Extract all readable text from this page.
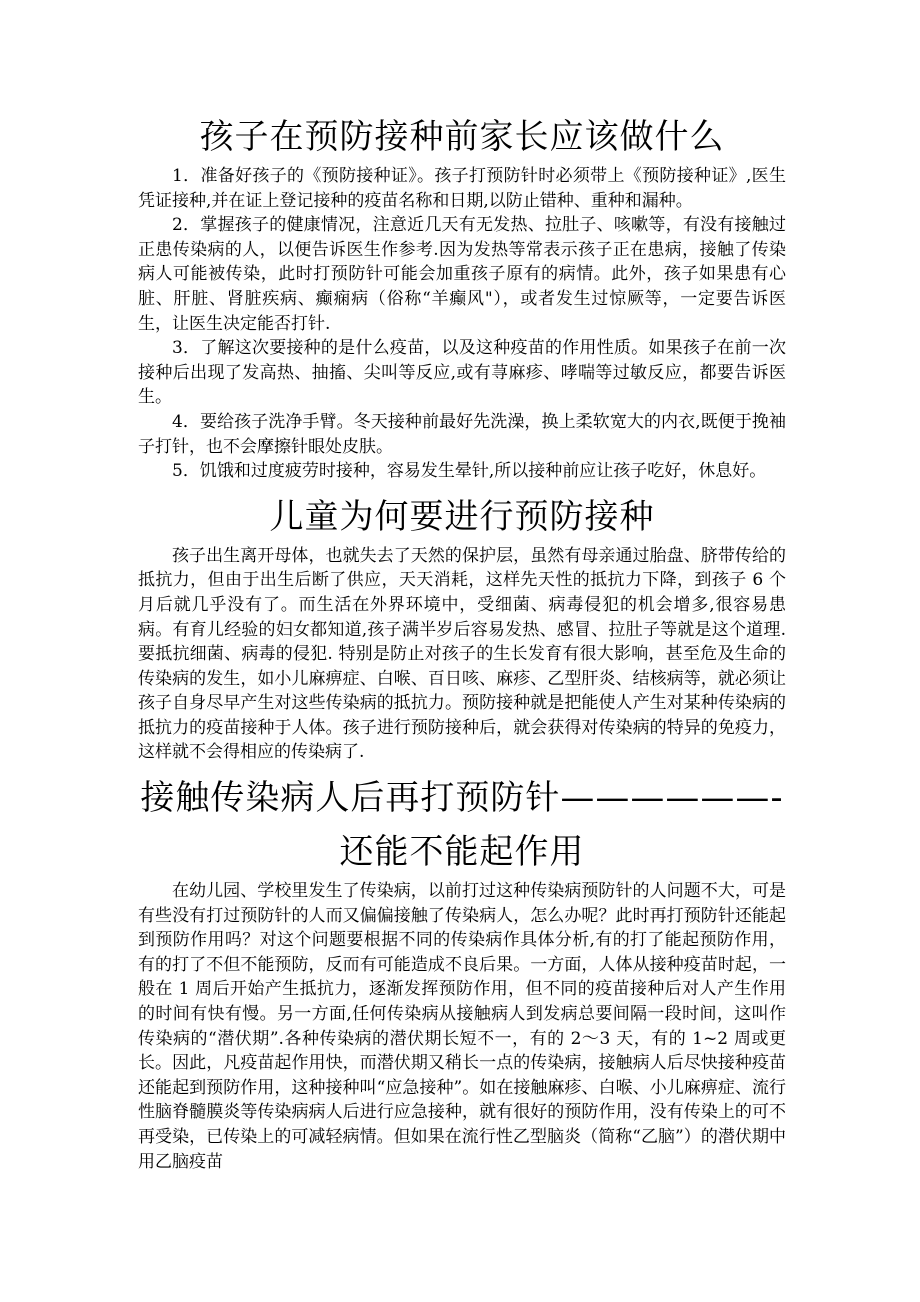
孩子在预防接种前家长应该做什么

1．准备好孩子的《预防接种证》。孩子打预防针时必须带上《预防接种证》,医生凭证接种,并在证上登记接种的疫苗名称和日期,以防止错种、重种和漏种。

2．掌握孩子的健康情况，注意近几天有无发热、拉肚子、咳嗽等，有没有接触过正患传染病的人，以便告诉医生作参考.因为发热等常表示孩子正在患病，接触了传染病人可能被传染，此时打预防针可能会加重孩子原有的病情。此外，孩子如果患有心脏、肝脏、肾脏疾病、癫痫病（俗称“羊癫风"），或者发生过惊厥等，一定要告诉医生，让医生决定能否打针.

3．了解这次要接种的是什么疫苗，以及这种疫苗的作用性质。如果孩子在前一次接种后出现了发高热、抽搐、尖叫等反应,或有荨麻疹、哮喘等过敏反应，都要告诉医生。

4．要给孩子洗净手臂。冬天接种前最好先洗澡，换上柔软宽大的内衣,既便于挽袖子打针，也不会摩擦针眼处皮肤。

5．饥饿和过度疲劳时接种，容易发生晕针,所以接种前应让孩子吃好，休息好。

儿童为何要进行预防接种

孩子出生离开母体，也就失去了天然的保护层，虽然有母亲通过胎盘、脐带传给的抵抗力，但由于出生后断了供应，天天消耗，这样先天性的抵抗力下降，到孩子 6 个月后就几乎没有了。而生活在外界环境中，受细菌、病毒侵犯的机会增多,很容易患病。有育儿经验的妇女都知道,孩子满半岁后容易发热、感冒、拉肚子等就是这个道理.要抵抗细菌、病毒的侵犯. 特别是防止对孩子的生长发育有很大影响，甚至危及生命的传染病的发生，如小儿麻痹症、白喉、百日咳、麻疹、乙型肝炎、结核病等，就必须让孩子自身尽早产生对这些传染病的抵抗力。预防接种就是把能使人产生对某种传染病的抵抗力的疫苗接种于人体。孩子进行预防接种后，就会获得对传染病的特异的免疫力，这样就不会得相应的传染病了.

接触传染病人后再打预防针——————-
还能不能起作用

在幼儿园、学校里发生了传染病，以前打过这种传染病预防针的人问题不大，可是有些没有打过预防针的人而又偏偏接触了传染病人，怎么办呢？此时再打预防针还能起到预防作用吗？对这个问题要根据不同的传染病作具体分析,有的打了能起预防作用，有的打了不但不能预防，反而有可能造成不良后果。一方面，人体从接种疫苗时起，一般在 1 周后开始产生抵抗力，逐渐发挥预防作用，但不同的疫苗接种后对人产生作用的时间有快有慢。另一方面,任何传染病从接触病人到发病总要间隔一段时间，这叫作传染病的“潜伏期”.各种传染病的潜伏期长短不一，有的 2～3 天，有的 1~2 周或更长。因此，凡疫苗起作用快，而潜伏期又稍长一点的传染病，接触病人后尽快接种疫苗还能起到预防作用，这种接种叫“应急接种”。如在接触麻疹、白喉、小儿麻痹症、流行性脑脊髓膜炎等传染病病人后进行应急接种，就有很好的预防作用，没有传染上的可不再受染，已传染上的可减轻病情。但如果在流行性乙型脑炎（简称“乙脑”）的潜伏期中用乙脑疫苗
